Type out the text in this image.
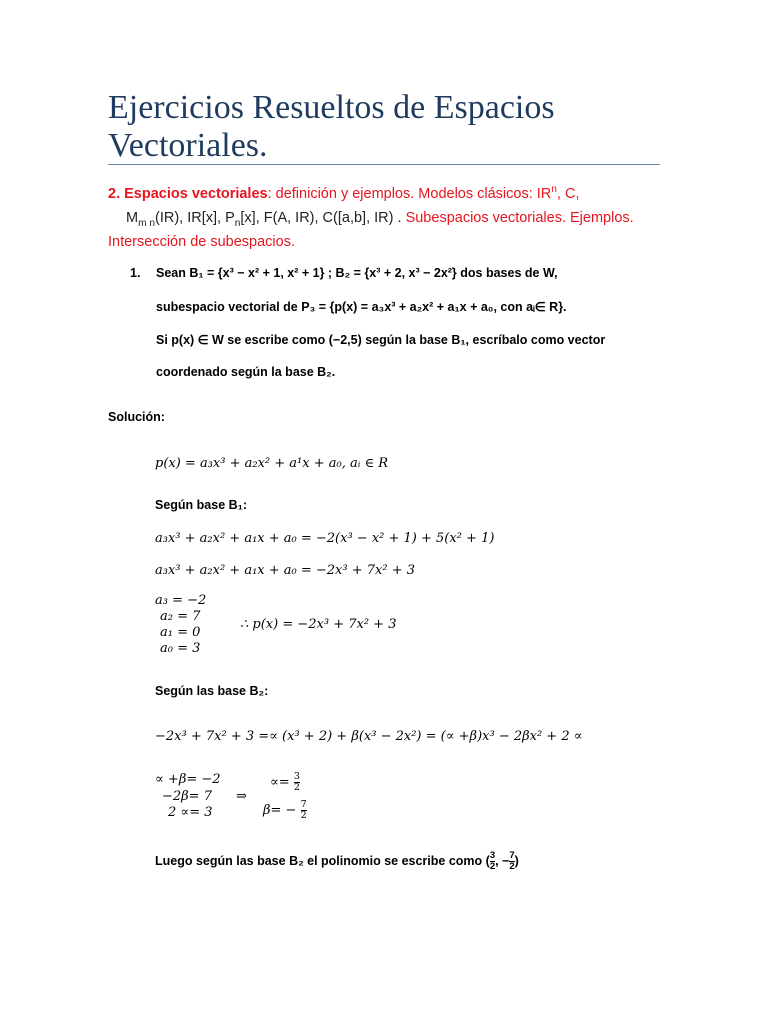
Ejercicios Resueltos de Espacios
Vectoriales.
2. Espacios vectoriales: definición y ejemplos. Modelos clásicos: $IR^n$, C,
$M_{m n}(IR)$, IR[x], $P_n[x]$, F(A, IR), C([a,b], IR) . Subespacios vectoriales. Ejemplos.
Intersección de subespacios.
1. Sean B₁ = {x³ − x² + 1, x² + 1} ; B₂ = {x³ + 2, x³ − 2x²} dos bases de W,
subespacio vectorial de P₃ = {p(x) = a₃x³ + a₂x² + a₁x + a₀, con aᵢ∈ R}.
Si p(x) ∈ W se escribe como (−2,5) según la base B₁, escríbalo como vector
coordenado según la base B₂.
Solución:
p(x) = a₃x³ + a₂x² + a¹x + a₀, aᵢ ∈ R
Según base B₁:
a₃x³ + a₂x² + a₁x + a₀ = −2(x³ − x² + 1) + 5(x² + 1)
a₃x³ + a₂x² + a₁x + a₀ = −2x³ + 7x² + 3
a₃ = −2
a₂ = 7
a₁ = 0
a₀ = 3
∴ p(x) = −2x³ + 7x² + 3
Según las base B₂:
−2x³ + 7x² + 3 =∝ (x³ + 2) + β(x³ − 2x²) = (∝ +β)x³ − 2βx² + 2 ∝
∝ +β= −2
−2β= 7
2 ∝= 3
⇒
∝= $\frac{3}{2}$
$\beta= - \frac{7}{2}$
Luego según las base B₂ el polinomio se escribe como ( $\frac{3}{2}$ , − $\frac{7}{2}$ )
